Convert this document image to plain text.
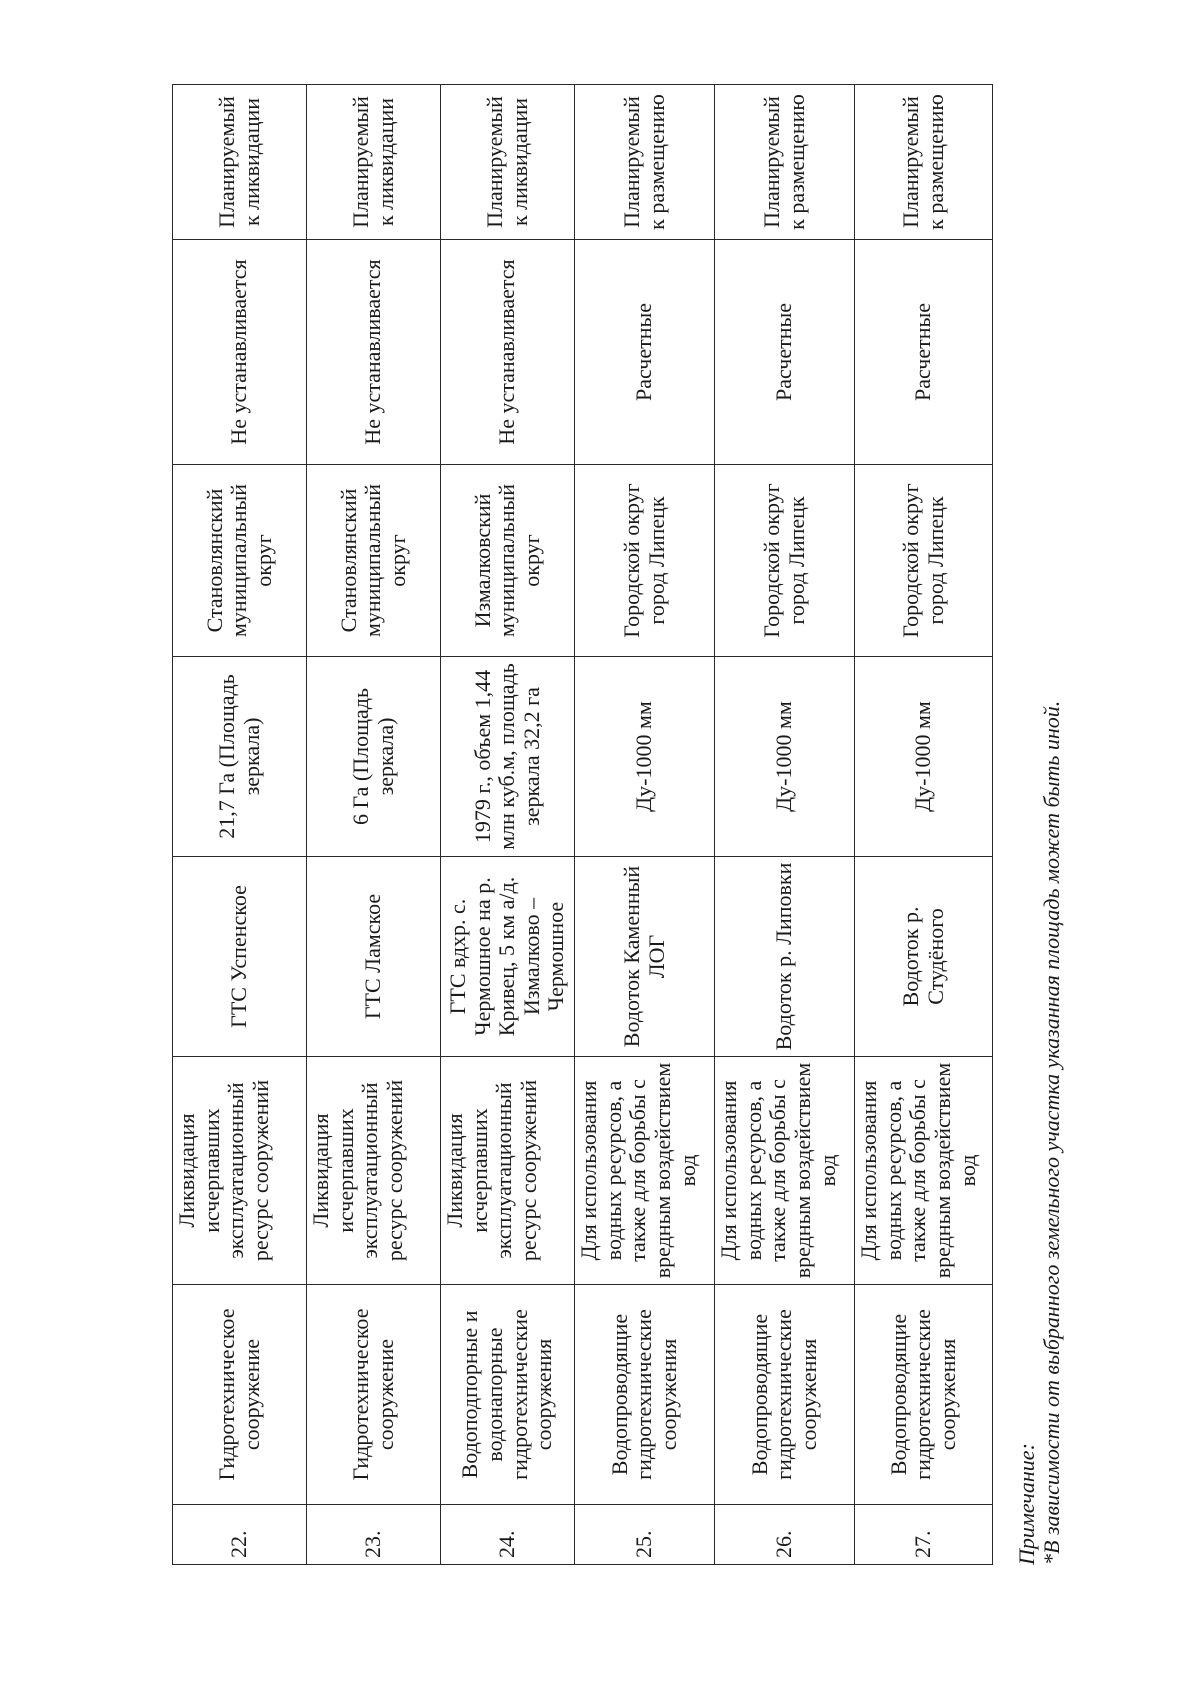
22.	Гидротехническое сооружение	Ликвидация исчерпавших эксплуатационный ресурс сооружений	ГТС Успенское	21,7 Га (Площадь зеркала)	Становлянский муниципальный округ	Не устанавливается	Планируемый к ликвидации
23.	Гидротехническое сооружение	Ликвидация исчерпавших эксплуатационный ресурс сооружений	ГТС Ламское	6 Га (Площадь зеркала)	Становлянский муниципальный округ	Не устанавливается	Планируемый к ликвидации
24.	Водоподпорные и водонапорные гидротехнические сооружения	Ликвидация исчерпавших эксплуатационный ресурс сооружений	ГТС вдхр. с. Чермошное на р. Кривец, 5 км а/д. Измалково – Чермошное	1979 г., объем 1,44 млн куб.м, площадь зеркала 32,2 га	Измалковский муниципальный округ	Не устанавливается	Планируемый к ликвидации
25.	Водопроводящие гидротехнические сооружения	Для использования водных ресурсов, а также для борьбы с вредным воздействием вод	Водоток Каменный ЛОГ	Ду-1000 мм	Городской округ город Липецк	Расчетные	Планируемый к размещению
26.	Водопроводящие гидротехнические сооружения	Для использования водных ресурсов, а также для борьбы с вредным воздействием вод	Водоток р. Липовки	Ду-1000 мм	Городской округ город Липецк	Расчетные	Планируемый к размещению
27.	Водопроводящие гидротехнические сооружения	Для использования водных ресурсов, а также для борьбы с вредным воздействием вод	Водоток р. Студёного	Ду-1000 мм	Городской округ город Липецк	Расчетные	Планируемый к размещению
Примечание: *В зависимости от выбранного земельного участка указанная площадь может быть иной.
